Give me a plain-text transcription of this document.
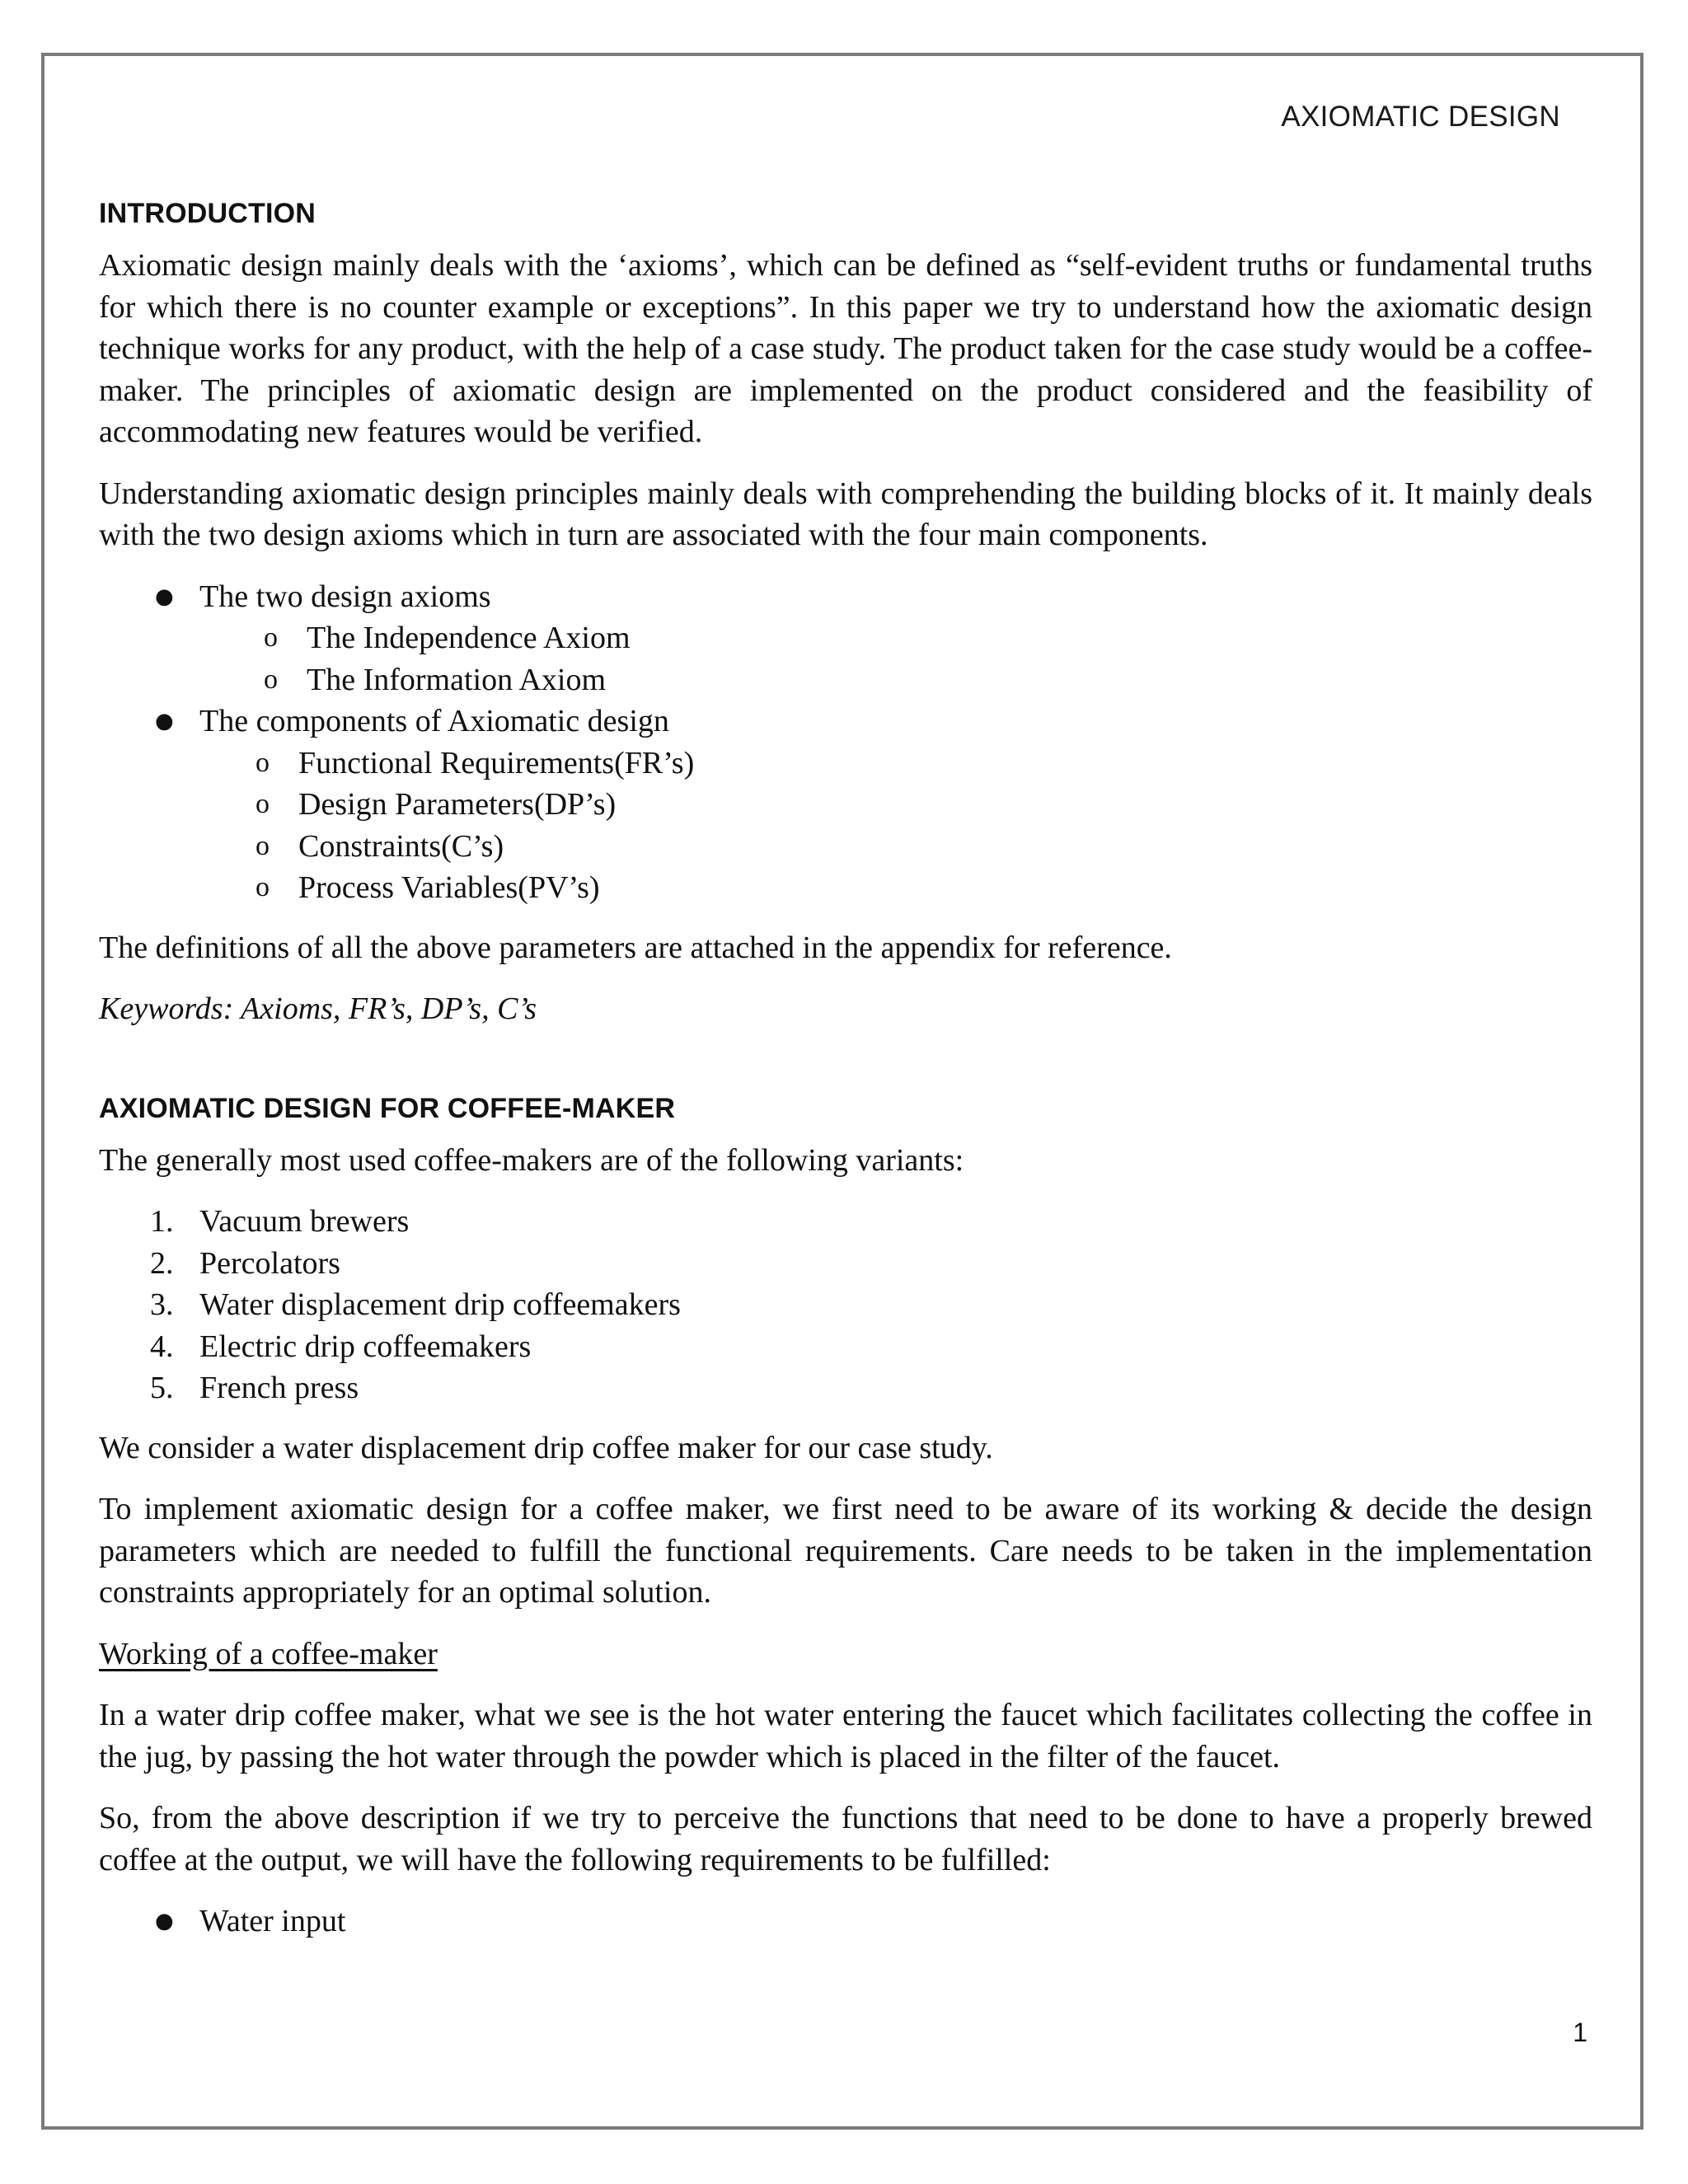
AXIOMATIC DESIGN
INTRODUCTION

Axiomatic design mainly deals with the ‘axioms’, which can be defined as “self-evident truths or fundamental truths for which there is no counter example or exceptions”. In this paper we try to understand how the axiomatic design technique works for any product, with the help of a case study. The product taken for the case study would be a coffee-maker. The principles of axiomatic design are implemented on the product considered and the feasibility of accommodating new features would be verified.

Understanding axiomatic design principles mainly deals with comprehending the building blocks of it. It mainly deals with the two design axioms which in turn are associated with the four main components.

● The two design axioms
o The Independence Axiom
o The Information Axiom
● The components of Axiomatic design
o Functional Requirements(FR’s)
o Design Parameters(DP’s)
o Constraints(C’s)
o Process Variables(PV’s)

The definitions of all the above parameters are attached in the appendix for reference.

Keywords: Axioms, FR’s, DP’s, C’s

AXIOMATIC DESIGN FOR COFFEE-MAKER

The generally most used coffee-makers are of the following variants:

1. Vacuum brewers
2. Percolators
3. Water displacement drip coffeemakers
4. Electric drip coffeemakers
5. French press

We consider a water displacement drip coffee maker for our case study.

To implement axiomatic design for a coffee maker, we first need to be aware of its working & decide the design parameters which are needed to fulfill the functional requirements. Care needs to be taken in the implementation constraints appropriately for an optimal solution.

Working of a coffee-maker

In a water drip coffee maker, what we see is the hot water entering the faucet which facilitates collecting the coffee in the jug, by passing the hot water through the powder which is placed in the filter of the faucet.

So, from the above description if we try to perceive the functions that need to be done to have a properly brewed coffee at the output, we will have the following requirements to be fulfilled:

● Water input
1
